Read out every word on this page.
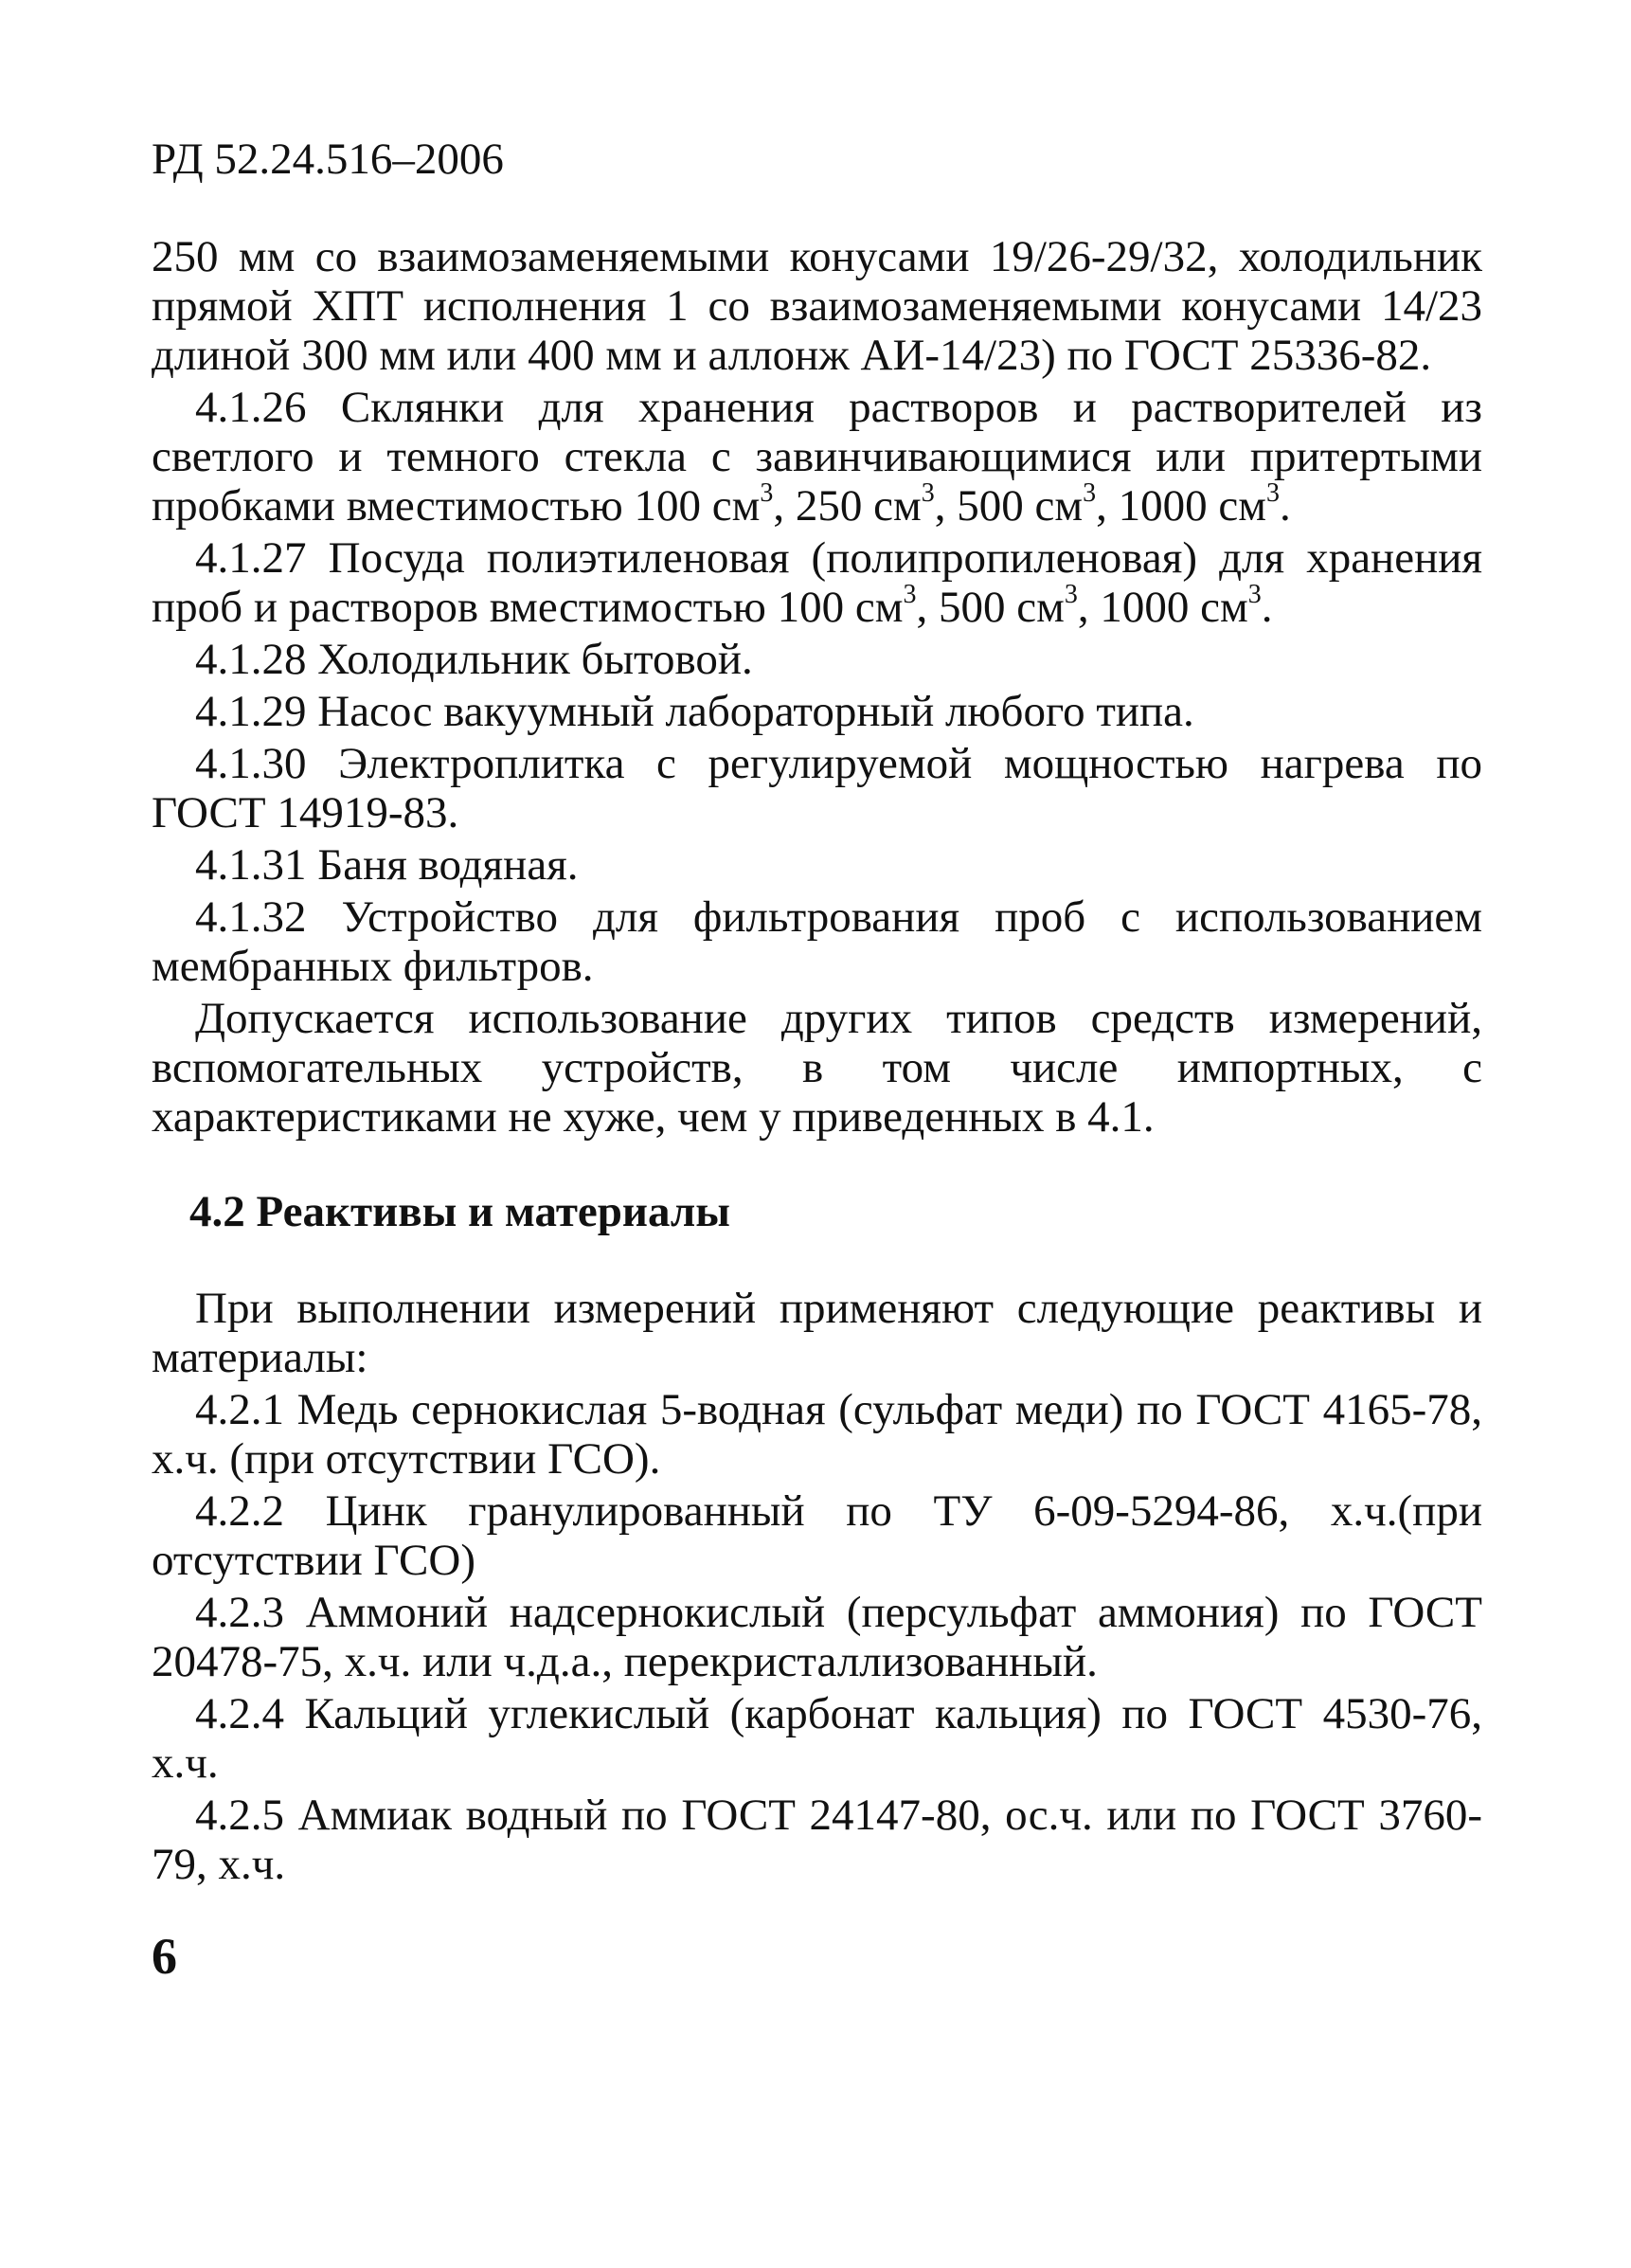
РД 52.24.516–2006

250 мм со взаимозаменяемыми конусами 19/26-29/32, холодильник прямой ХПТ исполнения 1 со взаимозаменяемыми конусами 14/23 длиной 300 мм или 400 мм и аллонж АИ-14/23) по ГОСТ 25336-82.

4.1.26 Склянки для хранения растворов и растворителей из светлого и темного стекла с завинчивающимися или притертыми пробками вместимостью 100 $см^3$, 250 $см^3$, 500 $см^3$, 1000 $см^3$.

4.1.27 Посуда полиэтиленовая (полипропиленовая) для хранения проб и растворов вместимостью 100 $см^3$, 500 $см^3$, 1000 $см^3$.

4.1.28 Холодильник бытовой.

4.1.29 Насос вакуумный лабораторный любого типа.

4.1.30 Электроплитка с регулируемой мощностью нагрева по ГОСТ 14919-83.

4.1.31 Баня водяная.

4.1.32 Устройство для фильтрования проб с использованием мембранных фильтров.

Допускается использование других типов средств измерений, вспомогательных устройств, в том числе импортных, с характеристиками не хуже, чем у приведенных в 4.1.

4.2 Реактивы и материалы

При выполнении измерений применяют следующие реактивы и материалы:

4.2.1 Медь сернокислая 5-водная (сульфат меди) по ГОСТ 4165-78, х.ч. (при отсутствии ГСО).

4.2.2 Цинк гранулированный по ТУ 6-09-5294-86, х.ч.(при отсутствии ГСО)

4.2.3 Аммоний надсернокислый (персульфат аммония) по ГОСТ 20478-75, х.ч. или ч.д.а., перекристаллизованный.

4.2.4 Кальций углекислый (карбонат кальция) по ГОСТ 4530-76, х.ч.

4.2.5 Аммиак водный по ГОСТ 24147-80, ос.ч. или по ГОСТ 3760-79, х.ч.

6
